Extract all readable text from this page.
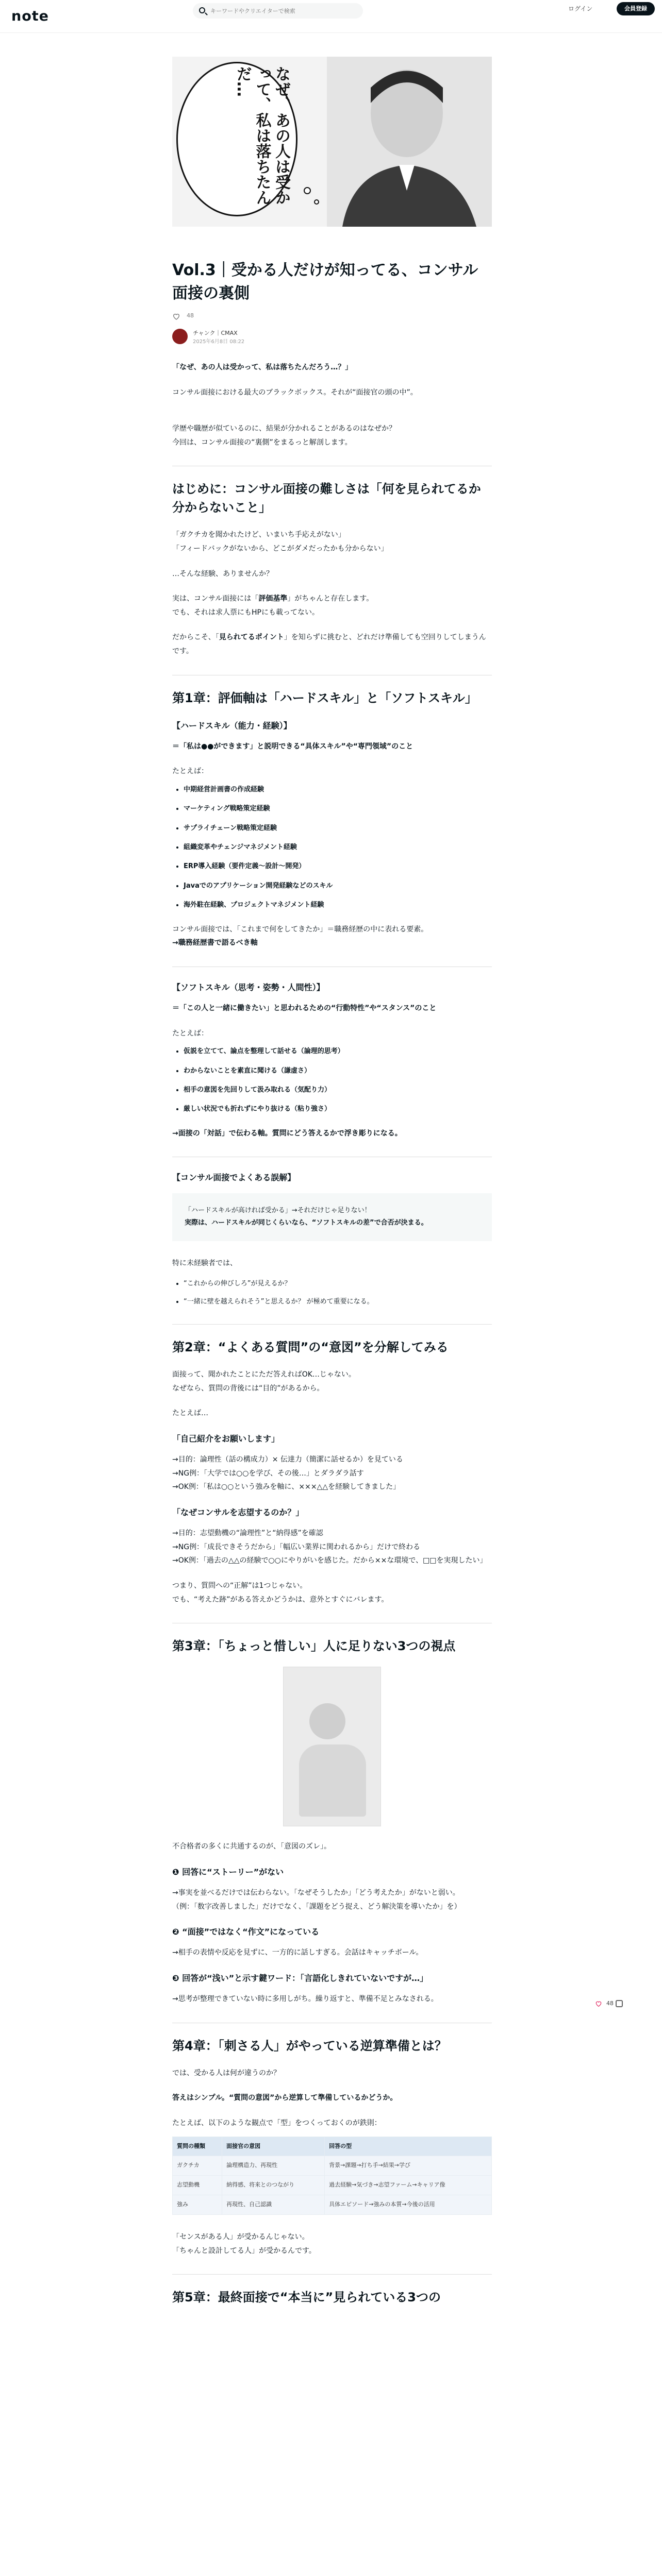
note
キーワードやクリエイターで検索	ログイン	会員登録
なぜ、あの人は受かって、私は落ちたんだ…
Vol.3｜受かる人だけが知ってる、コンサル面接の裏側
48
チャンク｜CMAX
2025年6月8日 08:22

「なぜ、あの人は受かって、私は落ちたんだろう…？」

コンサル面接における最大のブラックボックス。それが“面接官の頭の中”。

学歴や職歴が似ているのに、結果が分かれることがあるのはなぜか？

今回は、コンサル面接の“裏側”をまるっと解剖します。

はじめに：コンサル面接の難しさは「何を見られてるか分からないこと」

「ガクチカを聞かれたけど、いまいち手応えがない」

「フィードバックがないから、どこがダメだったかも分からない」

…そんな経験、ありませんか？

実は、コンサル面接には「評価基準」がちゃんと存在します。

でも、それは求人票にもHPにも載ってない。

だからこそ、「見られてるポイント」を知らずに挑むと、どれだけ準備しても空回りしてしまうんです。

第1章：評価軸は「ハードスキル」と「ソフトスキル」
【ハードスキル（能力・経験）】

＝「私は●●ができます」と説明できる“具体スキル”や“専門領域”のこと

たとえば：

• 中期経営計画書の作成経験
• マーケティング戦略策定経験
• サプライチェーン戦略策定経験
• 組織変革やチェンジマネジメント経験
• ERP導入経験（要件定義〜設計〜開発）
• Javaでのアプリケーション開発経験などのスキル
• 海外駐在経験、プロジェクトマネジメント経験

コンサル面接では、「これまで何をしてきたか」＝職務経歴の中に表れる要素。

→職務経歴書で語るべき軸

【ソフトスキル（思考・姿勢・人間性）】

＝「この人と一緒に働きたい」と思われるための“行動特性”や“スタンス”のこと

たとえば：

• 仮説を立てて、論点を整理して話せる（論理的思考）
• わからないことを素直に聞ける（謙虚さ）
• 相手の意図を先回りして汲み取れる（気配り力）
• 厳しい状況でも折れずにやり抜ける（粘り強さ）

→面接の「対話」で伝わる軸。質問にどう答えるかで浮き彫りになる。

【コンサル面接でよくある誤解】
「ハードスキルが高ければ受かる」→それだけじゃ足りない！
実際は、ハードスキルが同じくらいなら、“ソフトスキルの差”で合否が決まる。

特に未経験者では、

• “これからの伸びしろ”が見えるか？
• “一緒に壁を越えられそう”と思えるか？ が極めて重要になる。
第2章：“よくある質問”の“意図”を分解してみる

面接って、聞かれたことにただ答えればOK…じゃない。

なぜなら、質問の背後には“目的”があるから。

たとえば…

「自己紹介をお願いします」

→目的：論理性（話の構成力）× 伝達力（簡潔に話せるか）を見ている

→NG例：「大学では○○を学び、その後…」とダラダラ話す

→OK例：「私は○○という強みを軸に、×××△△を経験してきました」

「なぜコンサルを志望するのか？」

→目的：志望動機の“論理性”と“納得感”を確認

→NG例：「成長できそうだから」「幅広い業界に関われるから」だけで終わる

→OK例：「過去の△△の経験で○○にやりがいを感じた。だから××な環境で、□□を実現したい」

つまり、質問への“正解”は1つじゃない。

でも、“考えた跡”がある答えかどうかは、意外とすぐにバレます。

第3章：「ちょっと惜しい」人に足りない3つの視点

不合格者の多くに共通するのが、「意図のズレ」。

❶ 回答に“ストーリー”がない

→事実を並べるだけでは伝わらない。「なぜそうしたか」「どう考えたか」がないと弱い。

（例：「数字改善しました」だけでなく、「課題をどう捉え、どう解決策を導いたか」を）

❷ “面接”ではなく“作文”になっている

→相手の表情や反応を見ずに、一方的に話しすぎる。会話はキャッチボール。

❸ 回答が“浅い”と示す鍵ワード：「言語化しきれていないですが…」

→思考が整理できていない時に多用しがち。繰り返すと、準備不足とみなされる。

第4章：「刺さる人」がやっている逆算準備とは？

では、受かる人は何が違うのか？

答えはシンプル。“質問の意図”から逆算して準備しているかどうか。

たとえば、以下のような観点で「型」をつくっておくのが鉄則：

質問の種類	面接官の意図	回答の型
ガクチカ	論理構造力、再現性	背景→課題→打ち手→結果→学び
志望動機	納得感、将来とのつながり	過去経験→気づき→志望ファーム→キャリア像
強み	再現性、自己認識	具体エピソード→強みの本質→今後の活用

「センスがある人」が受かるんじゃない。

「ちゃんと設計してる人」が受かるんです。

第5章：最終面接で“本当に”見られている3つの
48
